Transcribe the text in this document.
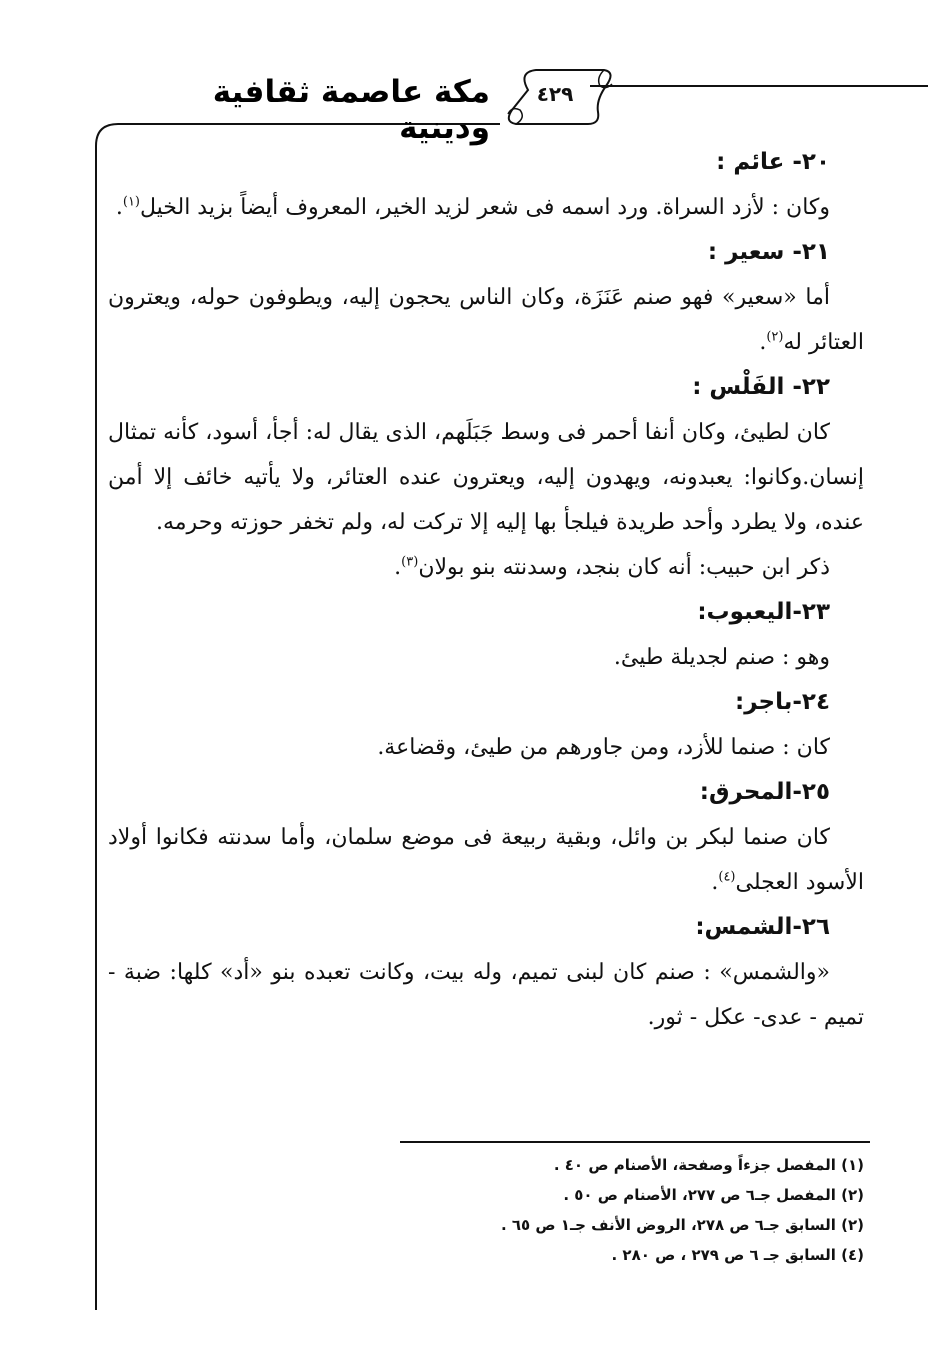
مكة عاصمة ثقافية ودينية
٤٢٩

٢٠- عائم :

وكان : لأزد السراة. ورد اسمه فى شعر لزيد الخير، المعروف أيضاً بزيد الخيل$^{(١)}$.

٢١- سعير :

أما «سعير» فهو صنم عَنَزَة، وكان الناس يحجون إليه، ويطوفون حوله، ويعترون العتائر له$^{(٢)}$.

٢٢- الفَلْس :

كان لطيئ، وكان أنفا أحمر فى وسط جَبَلَهم، الذى يقال له: أجأ، أسود، كأنه تمثال إنسان.وكانوا: يعبدونه، ويهدون إليه، ويعترون عنده العتائر، ولا يأتيه خائف إلا أمن عنده، ولا يطرد وأحد طريدة فيلجأ بها إليه إلا تركت له، ولم تخفر حوزته وحرمه.

ذكر ابن حبيب: أنه كان بنجد، وسدنته بنو بولان$^{(٣)}$.

٢٣-اليعبوب:

وهو : صنم لجديلة طيئ.

٢٤-باجر:

كان : صنما للأزد، ومن جاورهم من طيئ، وقضاعة.

٢٥-المحرق:

كان صنما لبكر بن وائل، وبقية ربيعة فى موضع سلمان، وأما سدنته فكانوا أولاد الأسود العجلى$^{(٤)}$.

٢٦-الشمس:

«والشمس» : صنم كان لبنى تميم، وله بيت، وكانت تعبده بنو «أد» كلها: ضبة - تميم - عدى- عكل - ثور.

(١) المفصل جزءاً وصفحة، الأصنام ص ٤٠ .

(٢) المفصل جـ٦ ص ٢٧٧، الأصنام ص ٥٠ .

(٢) السابق جـ٦ ص ٢٧٨، الروض الأنف جـ١ ص ٦٥ .

(٤) السابق جـ ٦ ص ٢٧٩ ، ص ٢٨٠ .
